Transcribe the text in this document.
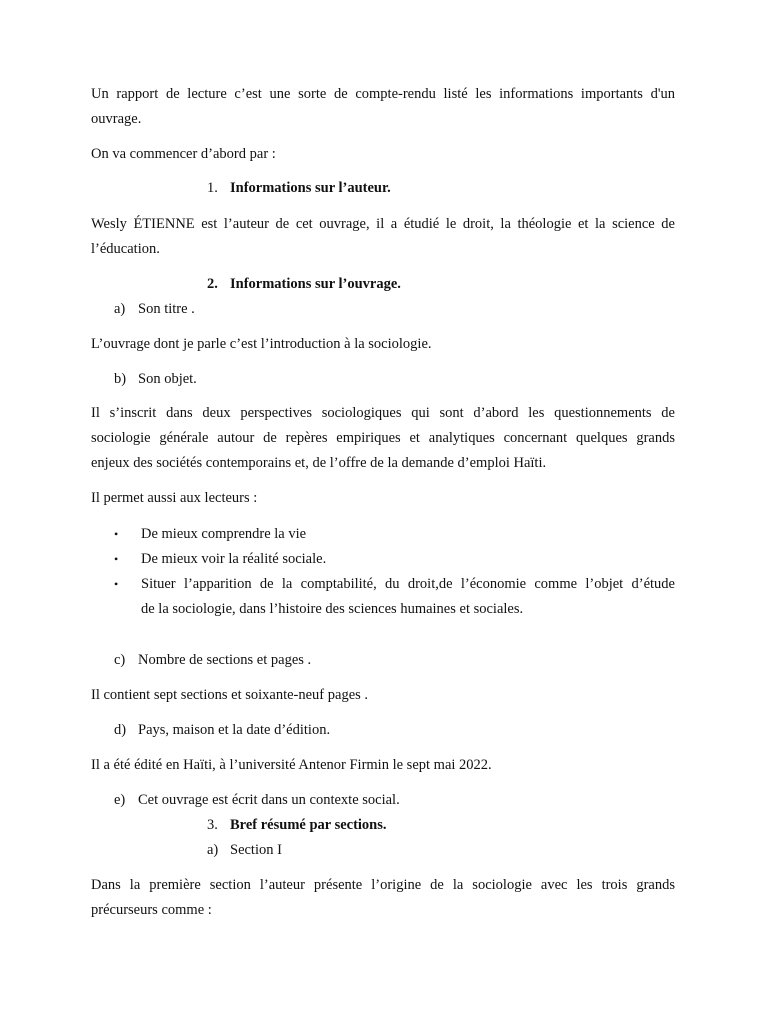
Un rapport de lecture c’est une sorte de compte-rendu listé les informations importants d'un
ouvrage.
On va commencer d’abord par :
1. Informations sur l’auteur.
Wesly ÉTIENNE est l’auteur de cet ouvrage, il a étudié le droit, la théologie et la science de
l’éducation.
2. Informations sur l’ouvrage.
a) Son titre .
L’ouvrage dont je parle c’est l’introduction à la sociologie.
b) Son objet.
Il s’inscrit dans deux perspectives sociologiques qui sont d’abord les questionnements de
sociologie générale autour de repères empiriques et analytiques concernant quelques grands
enjeux des sociétés contemporains et, de l’offre de la demande d’emploi Haïti.
Il permet aussi aux lecteurs :
• De mieux comprendre la vie
• De mieux voir la réalité sociale.
•	Situer l’apparition de la comptabilité, du droit,de l’économie comme l’objet d’étude
de la sociologie, dans l’histoire des sciences humaines et sociales.
c) Nombre de sections et pages .
Il contient sept sections et soixante-neuf pages .
d) Pays, maison et la date d’édition.
Il a été édité en Haïti, à l’université Antenor Firmin le sept mai 2022.
e) Cet ouvrage est écrit dans un contexte social.
3. Bref résumé par sections.
a) Section I
Dans la première section l’auteur présente l’origine de la sociologie avec les trois grands
précurseurs comme :
